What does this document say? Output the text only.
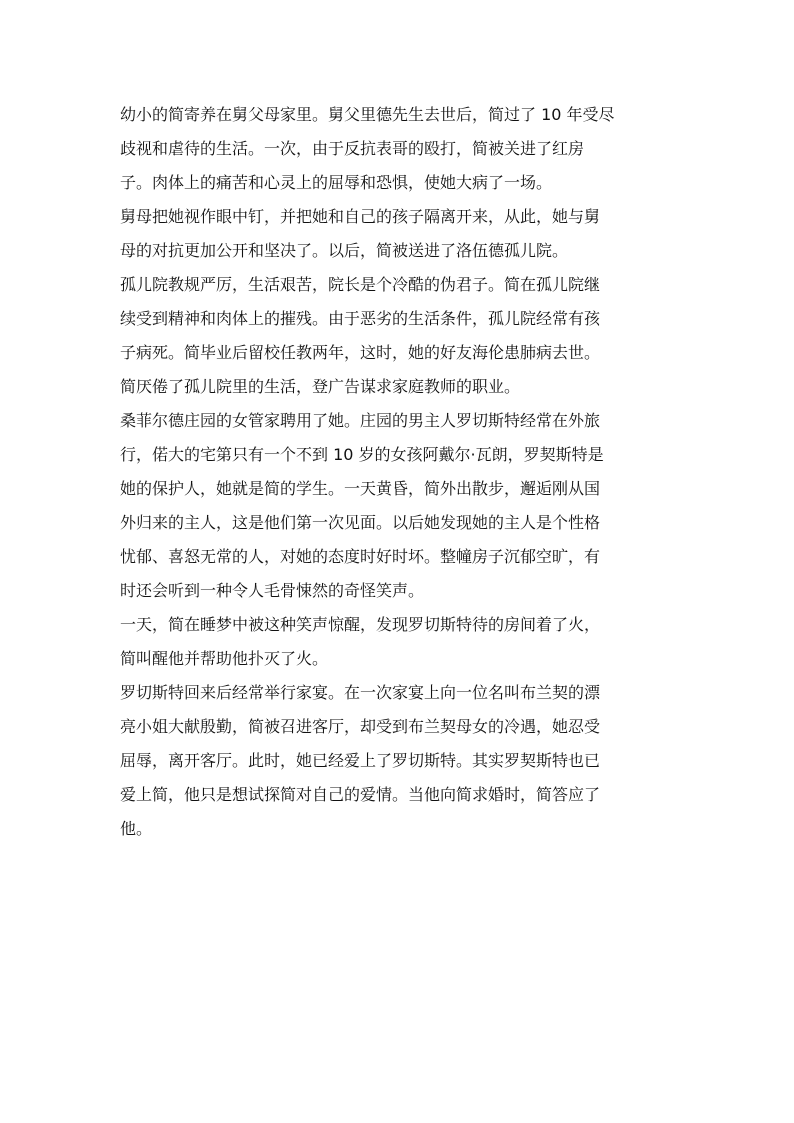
幼小的简寄养在舅父母家里。舅父里德先生去世后，简过了 10 年受尽
歧视和虐待的生活。一次，由于反抗表哥的殴打，简被关进了红房
子。肉体上的痛苦和心灵上的屈辱和恐惧，使她大病了一场。
舅母把她视作眼中钉，并把她和自己的孩子隔离开来，从此，她与舅
母的对抗更加公开和坚决了。以后，简被送进了洛伍德孤儿院。
孤儿院教规严厉，生活艰苦，院长是个冷酷的伪君子。简在孤儿院继
续受到精神和肉体上的摧残。由于恶劣的生活条件，孤儿院经常有孩
子病死。简毕业后留校任教两年，这时，她的好友海伦患肺病去世。
简厌倦了孤儿院里的生活，登广告谋求家庭教师的职业。
桑菲尔德庄园的女管家聘用了她。庄园的男主人罗切斯特经常在外旅
行，偌大的宅第只有一个不到 10 岁的女孩阿戴尔·瓦朗，罗契斯特是
她的保护人，她就是简的学生。一天黄昏，简外出散步，邂逅刚从国
外归来的主人，这是他们第一次见面。以后她发现她的主人是个性格
忧郁、喜怒无常的人，对她的态度时好时坏。整幢房子沉郁空旷，有
时还会听到一种令人毛骨悚然的奇怪笑声。
一天，简在睡梦中被这种笑声惊醒，发现罗切斯特待的房间着了火，
简叫醒他并帮助他扑灭了火。
罗切斯特回来后经常举行家宴。在一次家宴上向一位名叫布兰契的漂
亮小姐大献殷勤，简被召进客厅，却受到布兰契母女的冷遇，她忍受
屈辱，离开客厅。此时，她已经爱上了罗切斯特。其实罗契斯特也已
爱上简，他只是想试探简对自己的爱情。当他向简求婚时，简答应了
他。
